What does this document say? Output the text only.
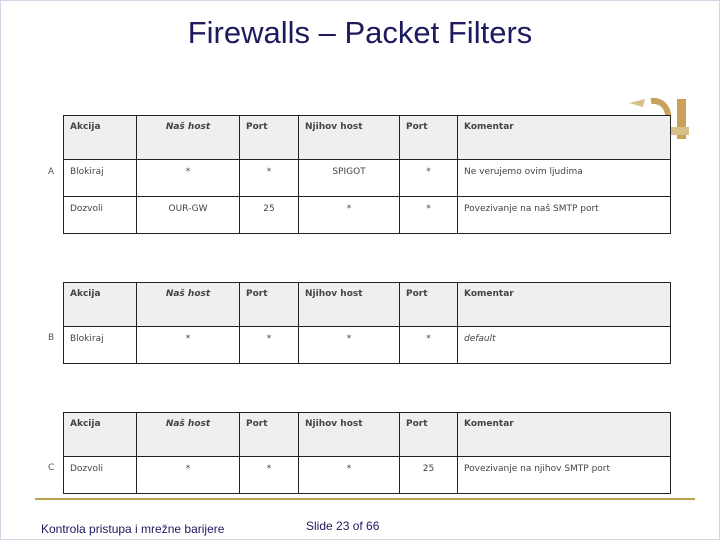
Firewalls – Packet Filters
A
Akcija	Naš host	Port	Njihov host	Port	Komentar
Blokiraj	*	*	SPIGOT	*	Ne verujemo ovim ljudima
Dozvoli	OUR-GW	25	*	*	Povezivanje na naš SMTP port
B
Akcija	Naš host	Port	Njihov host	Port	Komentar
Blokiraj	*	*	*	*	default
C
Akcija	Naš host	Port	Njihov host	Port	Komentar
Dozvoli	*	*	*	25	Povezivanje na njihov SMTP port
Kontrola pristupa i mrežne barijere	Slide 23 of 66
